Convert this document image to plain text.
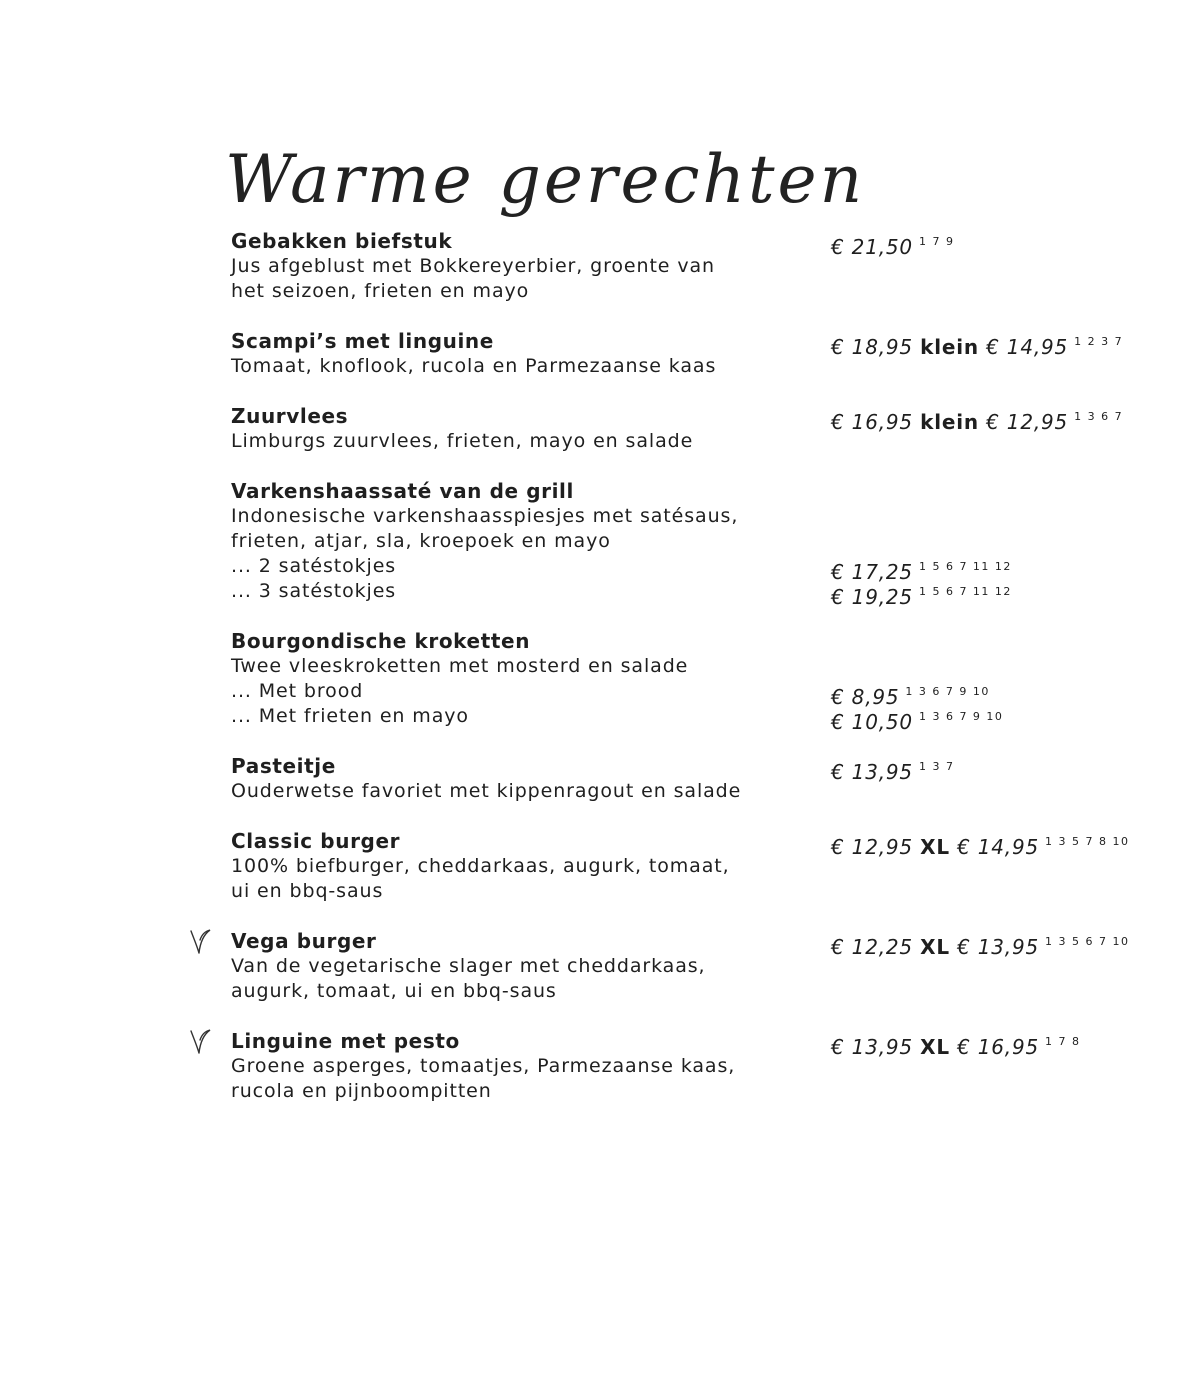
Warme gerechten
Gebakken biefstuk
Jus afgeblust met Bokkereyerbier, groente van
het seizoen, frieten en mayo
€ 21,50 $^{1 7 9}$
Scampi’s met linguine
Tomaat, knoflook, rucola en Parmezaanse kaas
€ 18,95 klein € 14,95 $^{1 2 3 7}$
Zuurvlees
Limburgs zuurvlees, frieten, mayo en salade
€ 16,95 klein € 12,95 $^{1 3 6 7}$
Varkenshaassaté van de grill
Indonesische varkenshaasspiesjes met satésaus,
frieten, atjar, sla, kroepoek en mayo
... 2 satéstokjes
... 3 satéstokjes
€ 17,25 $^{1 5 6 7 11 12}$
€ 19,25 $^{1 5 6 7 11 12}$
Bourgondische kroketten
Twee vleeskroketten met mosterd en salade
... Met brood
... Met frieten en mayo
€ 8,95 $^{1 3 6 7 9 10}$
€ 10,50 $^{1 3 6 7 9 10}$
Pasteitje
Ouderwetse favoriet met kippenragout en salade
€ 13,95 $^{1 3 7}$
Classic burger
100% biefburger, cheddarkaas, augurk, tomaat,
ui en bbq-saus
€ 12,95 XL € 14,95 $^{1 3 5 7 8 10}$
Vega burger
Van de vegetarische slager met cheddarkaas,
augurk, tomaat, ui en bbq-saus
€ 12,25 XL € 13,95 $^{1 3 5 6 7 10}$
Linguine met pesto
Groene asperges, tomaatjes, Parmezaanse kaas,
rucola en pijnboompitten
€ 13,95 XL € 16,95 $^{1 7 8}$
